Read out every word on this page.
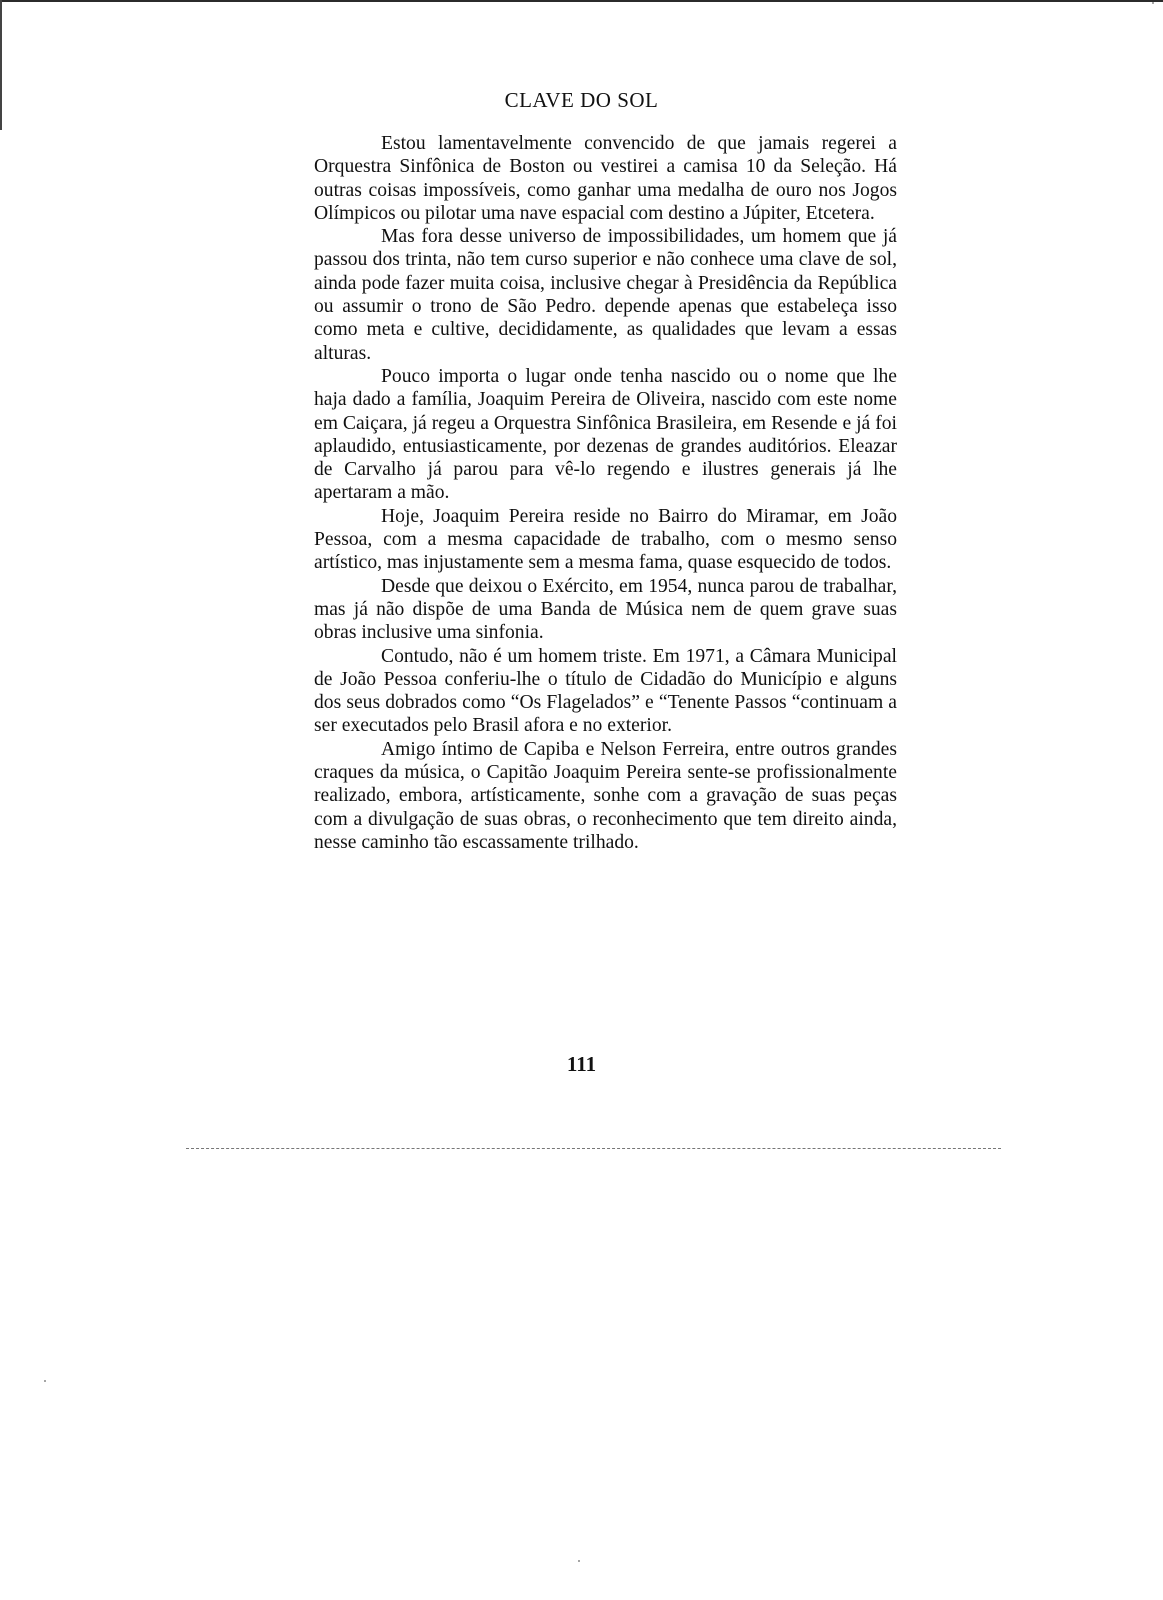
CLAVE DO SOL

Estou lamentavelmente convencido de que jamais regerei a Orquestra Sinfônica de Boston ou vestirei a camisa 10 da Seleção. Há outras coisas impossíveis, como ganhar uma medalha de ouro nos Jogos Olímpicos ou pilotar uma nave espacial com destino a Júpiter, Etcetera.

Mas fora desse universo de impossibilidades, um homem que já passou dos trinta, não tem curso superior e não conhece uma clave de sol, ainda pode fazer muita coisa, inclusive chegar à Presidência da República ou assumir o trono de São Pedro. depende apenas que estabeleça isso como meta e cultive, decididamente, as qualidades que levam a essas alturas.

Pouco importa o lugar onde tenha nascido ou o nome que lhe haja dado a família, Joaquim Pereira de Oliveira, nascido com este nome em Caiçara, já regeu a Orquestra Sinfônica Brasileira, em Resende e já foi aplaudido, entusiasticamente, por dezenas de grandes auditórios. Eleazar de Carvalho já parou para vê-lo regendo e ilustres generais já lhe apertaram a mão.

Hoje, Joaquim Pereira reside no Bairro do Miramar, em João Pessoa, com a mesma capacidade de trabalho, com o mesmo senso artístico, mas injustamente sem a mesma fama, quase esquecido de todos.

Desde que deixou o Exército, em 1954, nunca parou de trabalhar, mas já não dispõe de uma Banda de Música nem de quem grave suas obras inclusive uma sinfonia.

Contudo, não é um homem triste. Em 1971, a Câmara Municipal de João Pessoa conferiu-lhe o título de Cidadão do Município e alguns dos seus dobrados como “Os Flagelados” e “Tenente Passos “continuam a ser executados pelo Brasil afora e no exterior.

Amigo íntimo de Capiba e Nelson Ferreira, entre outros grandes craques da música, o Capitão Joaquim Pereira sente-se profissionalmente realizado, embora, artísticamente, sonhe com a gravação de suas peças com a divulgação de suas obras, o reconhecimento que tem direito ainda, nesse caminho tão escassamente trilhado.

111
